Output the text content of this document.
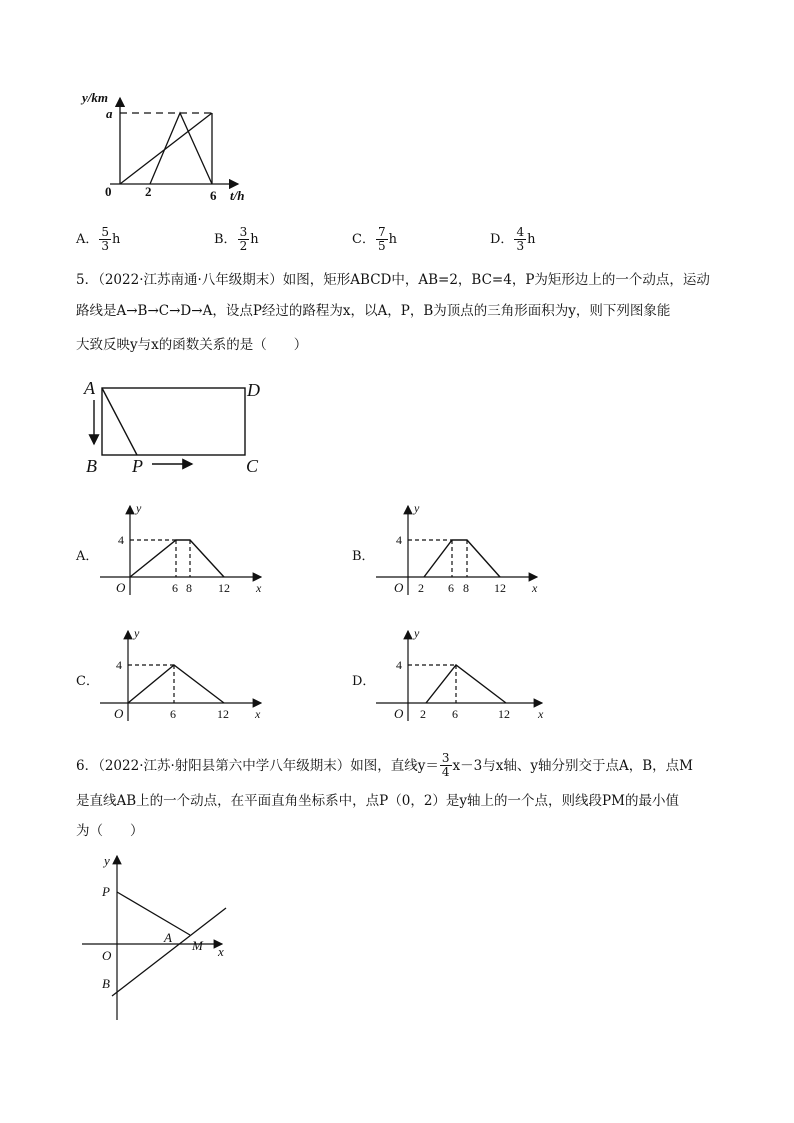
y/km
a
0	2	6 t/h
A． $\frac{5}{3}$ h	B． $\frac{3}{2}$ h	C． $\frac{7}{5}$ h	D． $\frac{4}{3}$ h
5．（2022·江苏南通·八年级期末）如图，矩形ABCD中，AB=2，BC=4，P为矩形边上的一个动点，运动
路线是A→B→C→D→A，设点P经过的路程为x，以A，P，B为顶点的三角形面积为y，则下列图象能
大致反映y与x的函数关系的是（　　）
A	D
B P	C
A．
y
4
O	6 8 12 x
B．
y
4
O 2 6 8 12 x
C．
y
4
O	6	12 x
D．
y
4
O 2 6	12 x
6．（2022·江苏·射阳县第六中学八年级期末）如图，直线$y= \frac{3}{4} x-3$与x轴、y轴分别交于点A，B，点M
是直线AB上的一个动点，在平面直角坐标系中，点P（0，2）是y轴上的一个点，则线段PM的最小值
为（　　）
y
P
A
M x
O
B
